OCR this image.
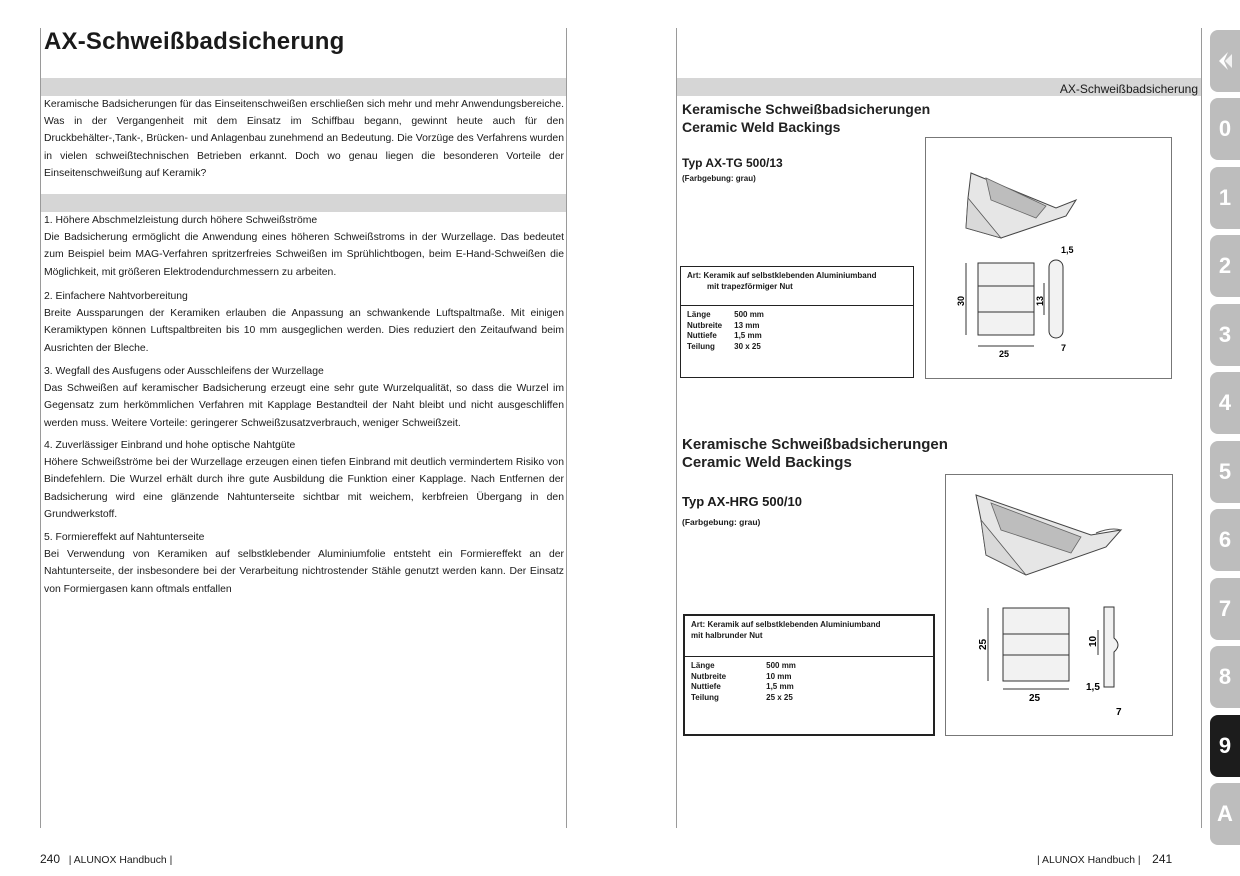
AX-Schweißbadsicherung
Keramische Badsicherungen für das Einseitenschweißen erschließen sich mehr und mehr Anwendungsbereiche. Was in der Vergangenheit mit dem Einsatz im Schiffbau begann, gewinnt heute auch für den Druckbehälter-,Tank-, Brücken- und Anlagenbau zunehmend an Bedeutung. Die Vorzüge des Verfahrens wurden in vielen schweißtechnischen Betrieben erkannt. Doch wo genau liegen die besonderen Vorteile der Einseitenschweißung auf Keramik?
1. Höhere Abschmelzleistung durch höhere Schweißströme
Die Badsicherung ermöglicht die Anwendung eines höheren Schweißstroms in der Wurzellage. Das bedeutet zum Beispiel beim MAG-Verfahren spritzerfreies Schweißen im Sprühlichtbogen, beim E-Hand-Schweißen die Möglichkeit, mit größeren Elektrodendurchmessern zu arbeiten.
2. Einfachere Nahtvorbereitung
Breite Aussparungen der Keramiken erlauben die Anpassung an schwankende Luftspaltmaße. Mit einigen Keramiktypen können Luftspaltbreiten bis 10 mm ausgeglichen werden. Dies reduziert den Zeitaufwand beim Ausrichten der Bleche.
3. Wegfall des Ausfugens oder Ausschleifens der Wurzellage
Das Schweißen auf keramischer Badsicherung erzeugt eine sehr gute Wurzelqualität, so dass die Wurzel im Gegensatz zum herkömmlichen Verfahren mit Kapplage Bestandteil der Naht bleibt und nicht ausgeschliffen werden muss. Weitere Vorteile: geringerer Schweißzusatzverbrauch, weniger Schweißzeit.
4. Zuverlässiger Einbrand und hohe optische Nahtgüte
Höhere Schweißströme bei der Wurzellage erzeugen einen tiefen Einbrand mit deutlich vermindertem Risiko von Bindefehlern. Die Wurzel erhält durch ihre gute Ausbildung die Funktion einer Kapplage. Nach Entfernen der Badsicherung wird eine glänzende Nahtunterseite sichtbar mit weichem, kerbfreien Übergang in den Grundwerkstoff.
5. Formiereffekt auf Nahtunterseite
Bei Verwendung von Keramiken auf selbstklebender Aluminiumfolie entsteht ein Formiereffekt an der Nahtunterseite, der insbesondere bei der Verarbeitung nichtrostender Stähle genutzt werden kann. Der Einsatz von Formiergasen kann oftmals entfallen
240 | ALUNOX Handbuch |
AX-Schweißbadsicherung
Keramische Schweißbadsicherungen
Ceramic Weld Backings
Typ AX-TG 500/13
(Farbgebung: grau)
Art: Keramik auf selbstklebenden Aluminiumband
mit trapezförmiger Nut
Länge	500 mm
Nutbreite	13 mm
Nuttiefe	1,5 mm
Teilung	30 x 25
30
25
13
1,5
7
Keramische Schweißbadsicherungen
Ceramic Weld Backings
Typ AX-HRG 500/10
(Farbgebung: grau)
Art: Keramik auf selbstklebenden Aluminiumband
mit halbrunder Nut
Länge	500 mm
Nutbreite	10 mm
Nuttiefe	1,5 mm
Teilung	25 x 25
25
25
10
1,5
7
| ALUNOX Handbuch | 241
0
1
2
3
4
5
6
7
8
9
A
